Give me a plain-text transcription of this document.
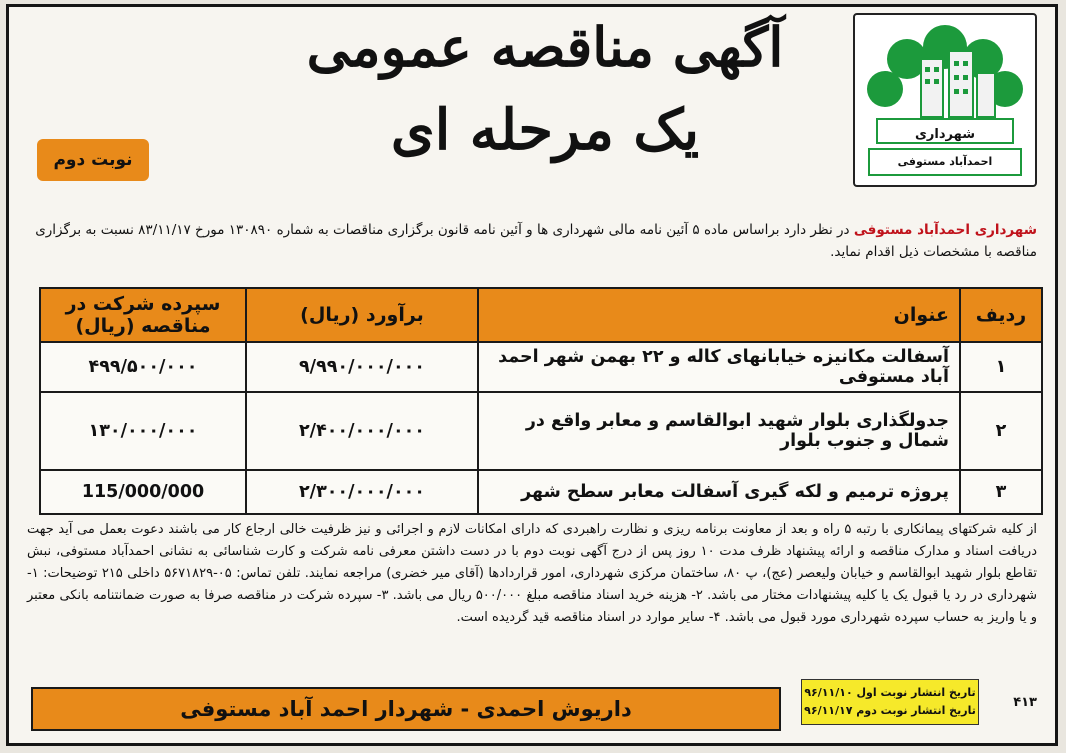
شهرداری
احمدآباد مستوفی
آگهی مناقصه عمومی
یک مرحله ای
نوبت دوم
شهرداری احمدآباد مستوفی در نظر دارد براساس ماده ۵ آئین نامه مالی شهرداری ها و آئین نامه قانون برگزاری مناقصات به شماره ۱۳۰۸۹۰ مورخ ۸۳/۱۱/۱۷ نسبت به برگزاری مناقصه با مشخصات ذیل اقدام نماید.
ردیف	عنوان	برآورد (ریال)	سپرده شرکت در مناقصه (ریال)
۱	آسفالت مکانیزه خیابانهای کاله و ۲۲ بهمن شهر احمد آباد مستوفی	۹/۹۹۰/۰۰۰/۰۰۰	۴۹۹/۵۰۰/۰۰۰
۲	جدولگذاری بلوار شهید ابوالقاسم و معابر واقع در شمال و جنوب بلوار	۲/۴۰۰/۰۰۰/۰۰۰	۱۳۰/۰۰۰/۰۰۰
۳	پروژه ترمیم و لکه گیری آسفالت معابر سطح شهر	۲/۳۰۰/۰۰۰/۰۰۰	115/000/000
از کلیه شرکتهای پیمانکاری با رتبه ۵ راه و بعد از معاونت برنامه ریزی و نظارت راهبردی که دارای امکانات لازم و اجرائی و نیز ظرفیت خالی ارجاع کار می باشند دعوت بعمل می آید جهت دریافت اسناد و مدارک مناقصه و ارائه پیشنهاد ظرف مدت ۱۰ روز پس از درج آگهی نوبت دوم با در دست داشتن معرفی نامه شرکت و کارت شناسائی به نشانی احمدآباد مستوفی، نبش تقاطع بلوار شهید ابوالقاسم و خیابان ولیعصر (عج)، پ ۸۰، ساختمان مرکزی شهرداری، امور قراردادها (آقای میر خضری) مراجعه نمایند. تلفن تماس: ۰۵-۵۶۷۱۸۲۹ داخلی ۲۱۵ توضیحات: ۱- شهرداری در رد یا قبول یک یا کلیه پیشنهادات مختار می باشد. ۲- هزینه خرید اسناد مناقصه مبلغ ۵۰۰/۰۰۰ ریال می باشد. ۳- سپرده شرکت در مناقصه صرفا به صورت ضمانتنامه بانکی معتبر و یا واریز به حساب سپرده شهرداری مورد قبول می باشد. ۴- سایر موارد در اسناد مناقصه قید گردیده است.
داریوش احمدی - شهردار احمد آباد مستوفی
تاریخ انتشار نوبت اول ۹۶/۱۱/۱۰
تاریخ انتشار نوبت دوم ۹۶/۱۱/۱۷
۴۱۳
